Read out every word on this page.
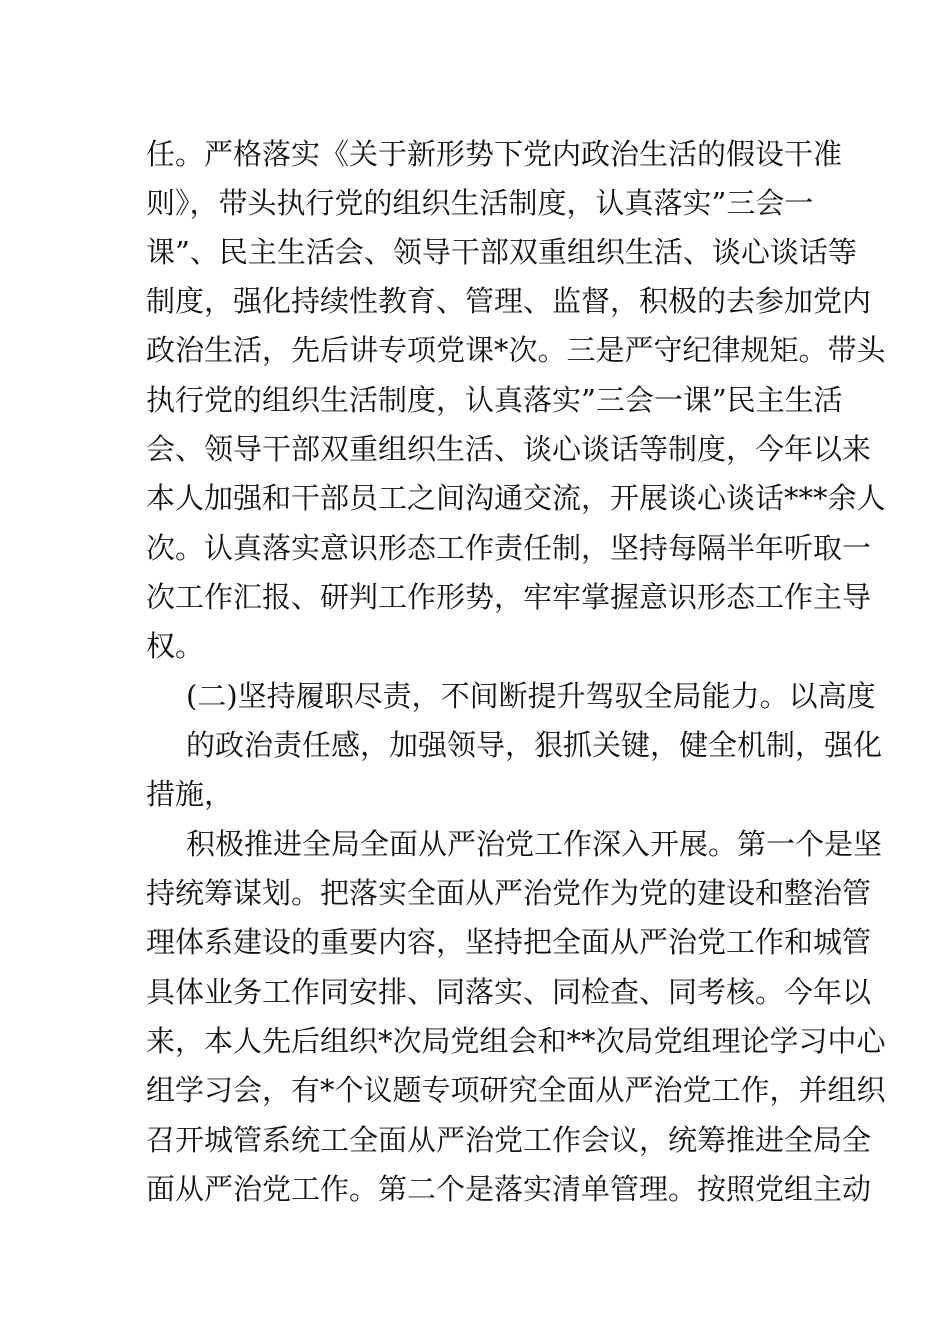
任。严格落实《关于新形势下党内政治生活的假设干准
则》，带头执行党的组织生活制度，认真落实”三会一
课”、民主生活会、领导干部双重组织生活、谈心谈话等
制度，强化持续性教育、管理、监督，积极的去参加党内
政治生活，先后讲专项党课*次。三是严守纪律规矩。带头
执行党的组织生活制度，认真落实”三会一课”民主生活
会、领导干部双重组织生活、谈心谈话等制度，今年以来
本人加强和干部员工之间沟通交流，开展谈心谈话***余人
次。认真落实意识形态工作责任制，坚持每隔半年听取一
次工作汇报、研判工作形势，牢牢掌握意识形态工作主导
权。
(二)坚持履职尽责，不间断提升驾驭全局能力。以高度
的政治责任感，加强领导，狠抓关键，健全机制，强化
措施，
积极推进全局全面从严治党工作深入开展。第一个是坚
持统筹谋划。把落实全面从严治党作为党的建设和整治管
理体系建设的重要内容，坚持把全面从严治党工作和城管
具体业务工作同安排、同落实、同检查、同考核。今年以
来，本人先后组织*次局党组会和**次局党组理论学习中心
组学习会，有*个议题专项研究全面从严治党工作，并组织
召开城管系统工全面从严治党工作会议，统筹推进全局全
面从严治党工作。第二个是落实清单管理。按照党组主动
